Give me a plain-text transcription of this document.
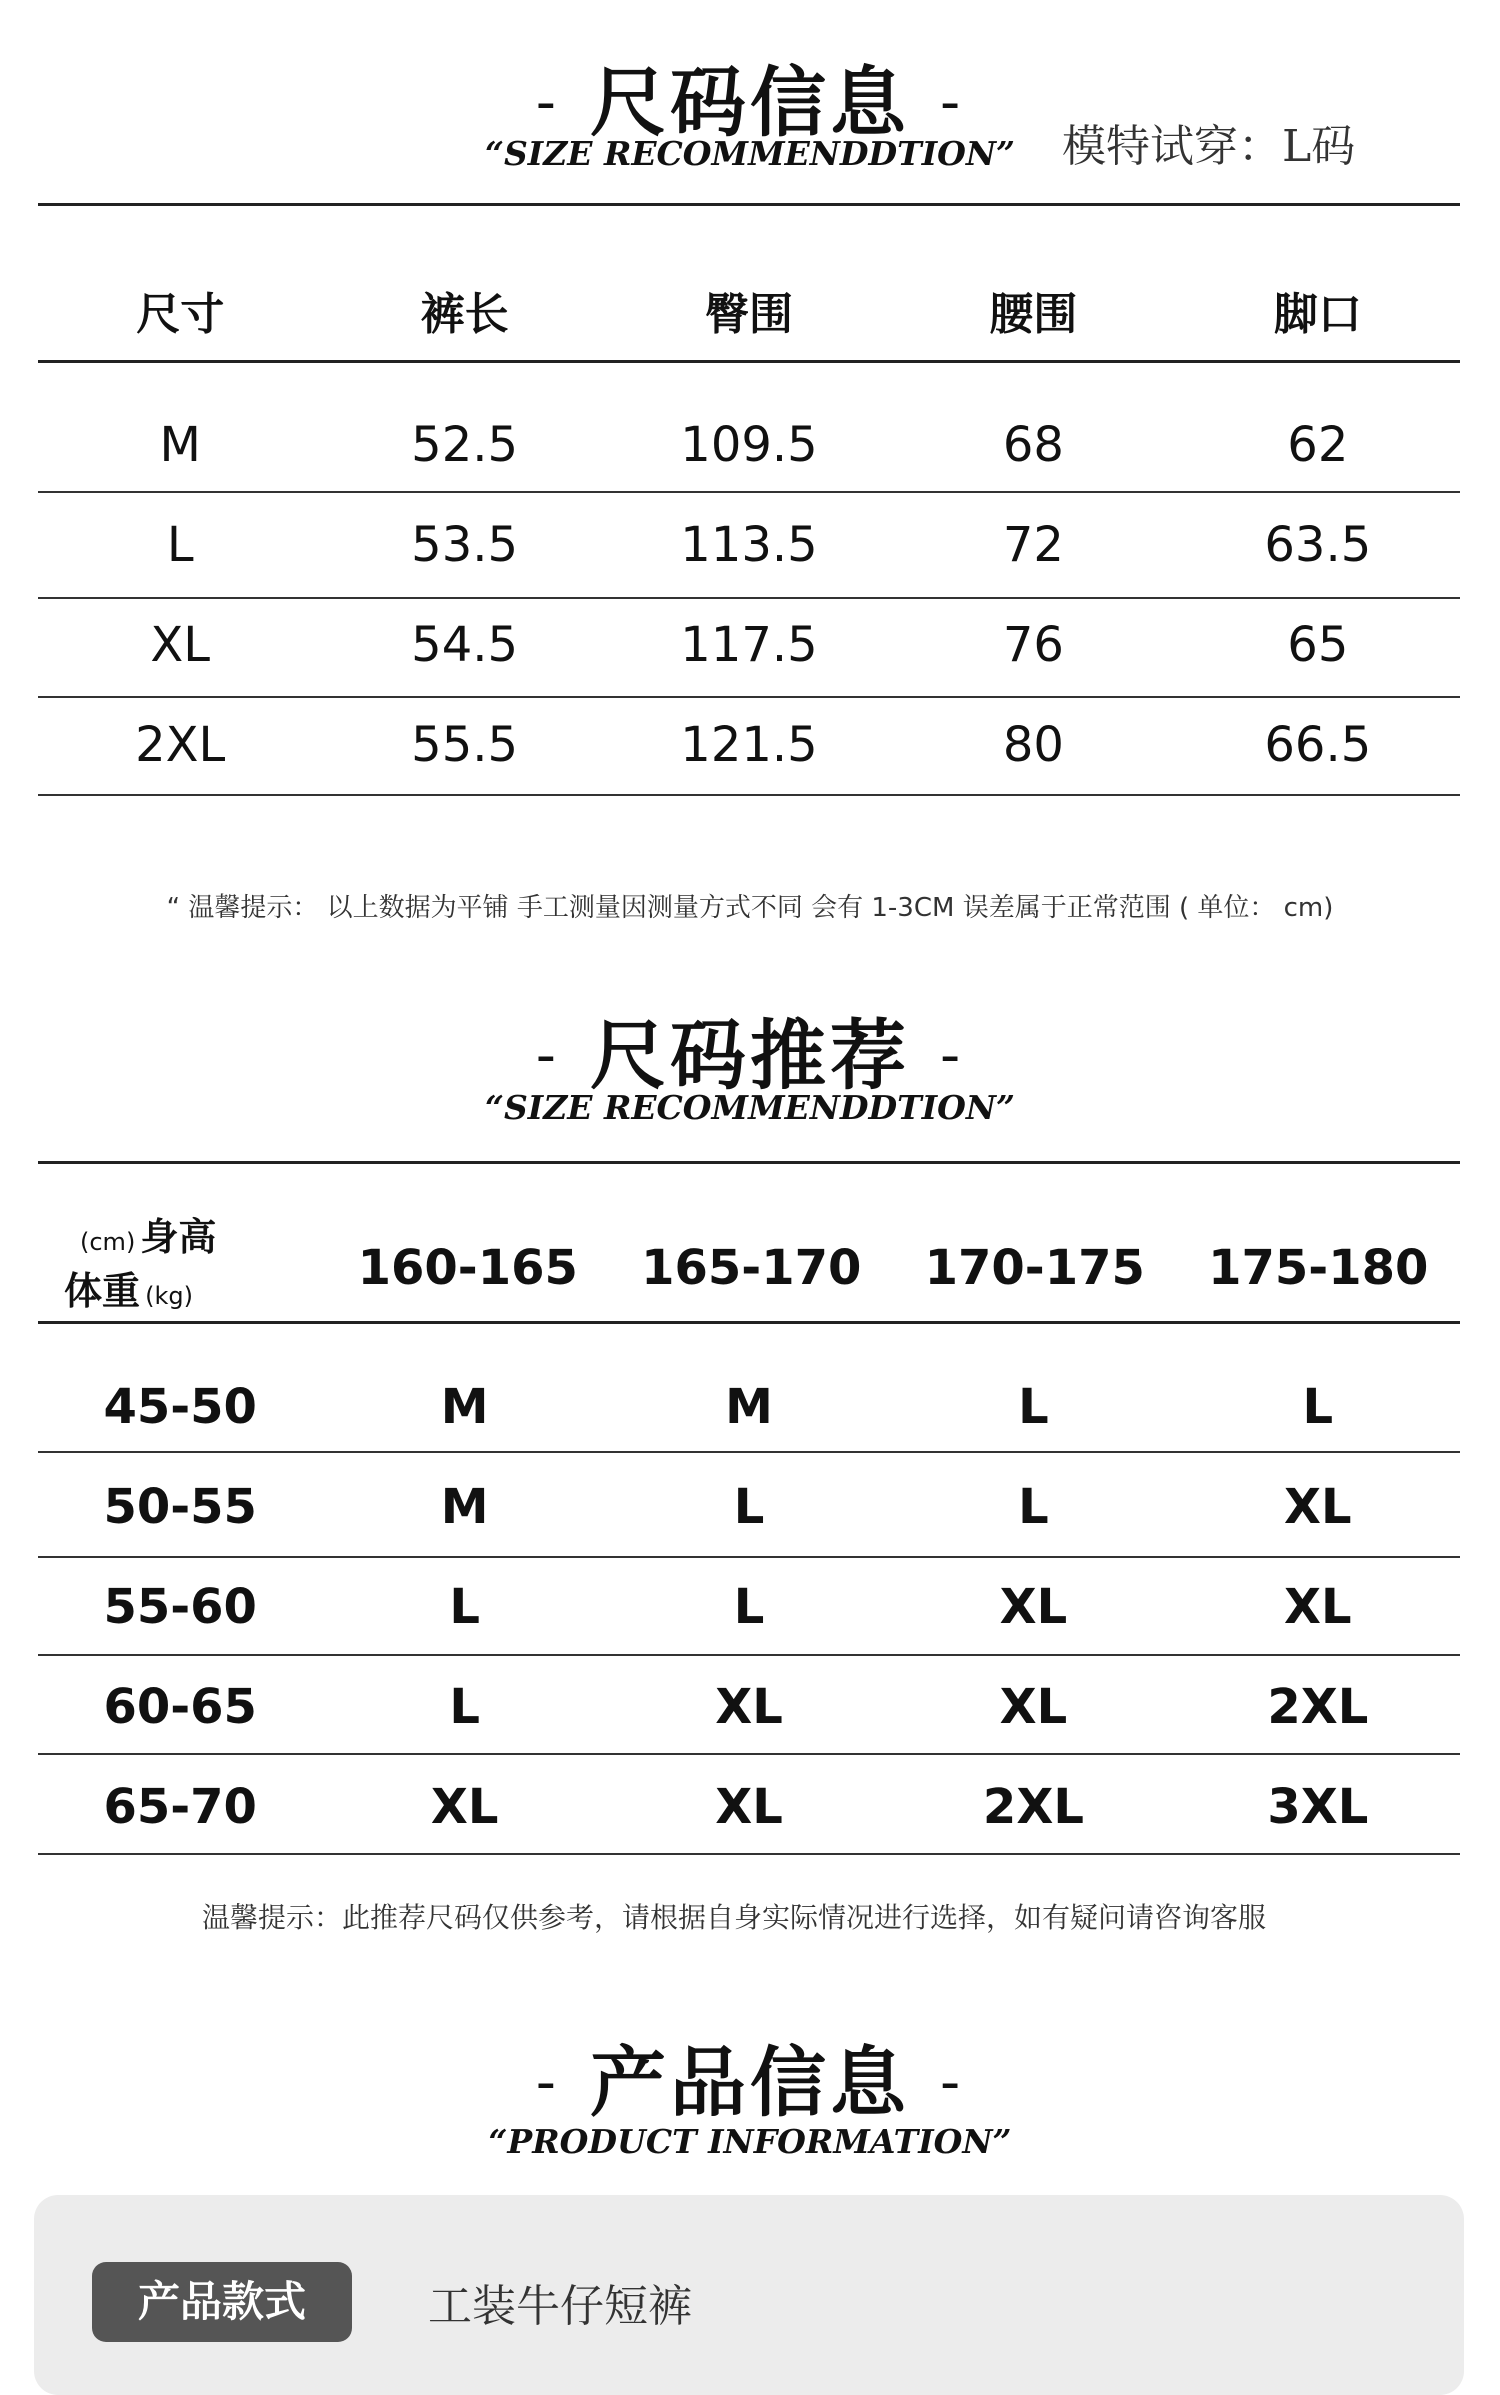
- 尺码信息 -
“SIZE RECOMMENDDTION”	模特试穿：L码
尺寸	裤长	臀围	腰围	脚口
M	52.5	109.5	68	62
L	53.5	113.5	72	63.5
XL	54.5	117.5	76	65
2XL	55.5	121.5	80	66.5
“ 温馨提示： 以上数据为平铺 手工测量因测量方式不同 会有 1-3CM 误差属于正常范围 ( 单位： cm)
- 尺码推荐 -
“SIZE RECOMMENDDTION”
(cm) 身高
体重 (kg)	160-165	165-170	170-175	175-180
45-50	M	M	L	L
50-55	M	L	L	XL
55-60	L	L	XL	XL
60-65	L	XL	XL	2XL
65-70	XL	XL	2XL	3XL
温馨提示：此推荐尺码仅供参考，请根据自身实际情况进行选择，如有疑问请咨询客服
- 产品信息 -
“PRODUCT INFORMATION”
产品款式	工装牛仔短裤
